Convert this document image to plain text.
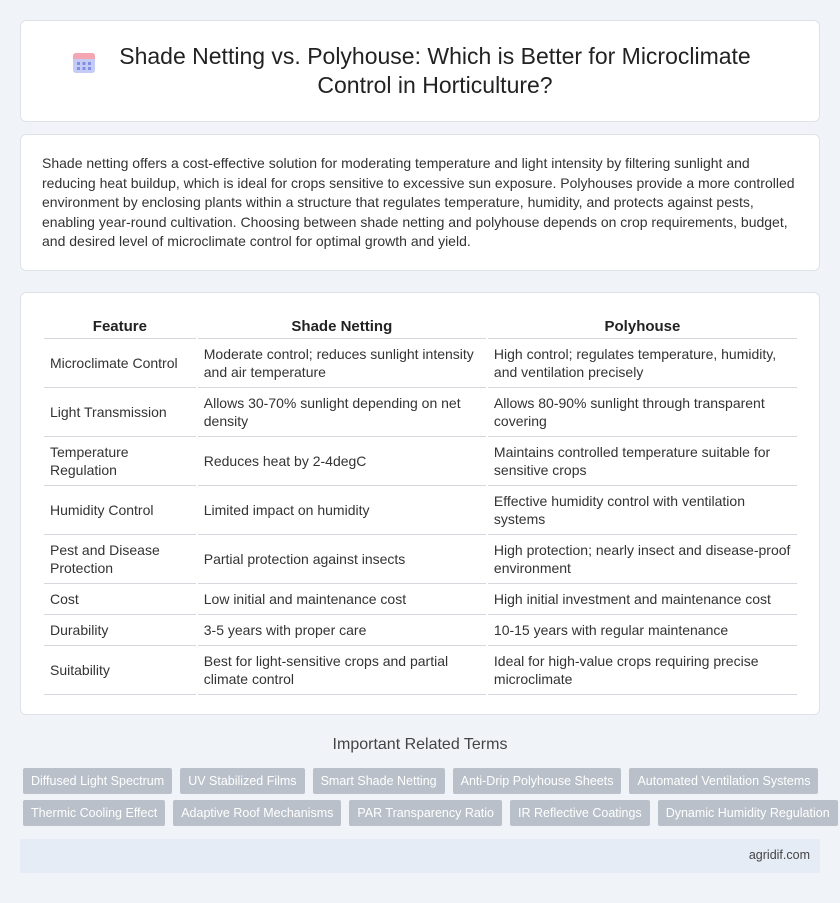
Shade Netting vs. Polyhouse: Which is Better for Microclimate Control in Horticulture?

Shade netting offers a cost-effective solution for moderating temperature and light intensity by filtering sunlight and reducing heat buildup, which is ideal for crops sensitive to excessive sun exposure. Polyhouses provide a more controlled environment by enclosing plants within a structure that regulates temperature, humidity, and protects against pests, enabling year-round cultivation. Choosing between shade netting and polyhouse depends on crop requirements, budget, and desired level of microclimate control for optimal growth and yield.

Feature	Shade Netting	Polyhouse
Microclimate Control	Moderate control; reduces sunlight intensity and air temperature	High control; regulates temperature, humidity, and ventilation precisely
Light Transmission	Allows 30-70% sunlight depending on net density	Allows 80-90% sunlight through transparent covering
Temperature Regulation	Reduces heat by 2-4degC	Maintains controlled temperature suitable for sensitive crops
Humidity Control	Limited impact on humidity	Effective humidity control with ventilation systems
Pest and Disease Protection	Partial protection against insects	High protection; nearly insect and disease-proof environment
Cost	Low initial and maintenance cost	High initial investment and maintenance cost
Durability	3-5 years with proper care	10-15 years with regular maintenance
Suitability	Best for light-sensitive crops and partial climate control	Ideal for high-value crops requiring precise microclimate
Important Related Terms
Diffused Light Spectrum	UV Stabilized Films	Smart Shade Netting	Anti-Drip Polyhouse Sheets	Automated Ventilation Systems
Thermic Cooling Effect	Adaptive Roof Mechanisms	PAR Transparency Ratio	IR Reflective Coatings	Dynamic Humidity Regulation
agridif.com
